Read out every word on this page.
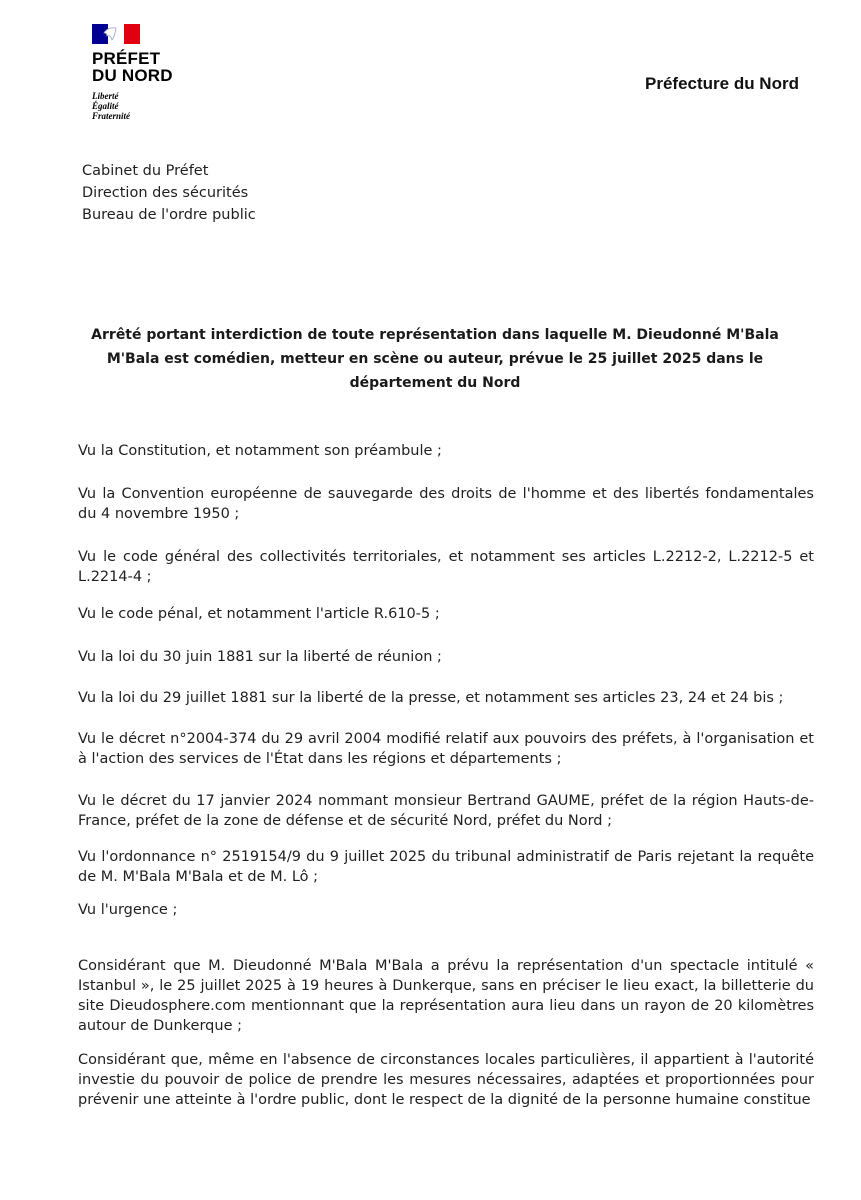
PRÉFET
DU NORD
Liberté
Égalité
Fraternité
Préfecture du Nord
Cabinet du Préfet
Direction des sécurités
Bureau de l'ordre public
Arrêté portant interdiction de toute représentation dans laquelle M. Dieudonné M'Bala M'Bala est comédien, metteur en scène ou auteur, prévue le 25 juillet 2025 dans le département du Nord
Vu la Constitution, et notamment son préambule ;
Vu la Convention européenne de sauvegarde des droits de l'homme et des libertés fondamentales du 4 novembre 1950 ;
Vu le code général des collectivités territoriales, et notamment ses articles L.2212-2, L.2212-5 et L.2214-4 ;
Vu le code pénal, et notamment l'article R.610-5 ;
Vu la loi du 30 juin 1881 sur la liberté de réunion ;
Vu la loi du 29 juillet 1881 sur la liberté de la presse, et notamment ses articles 23, 24 et 24 bis ;
Vu le décret n°2004-374 du 29 avril 2004 modifié relatif aux pouvoirs des préfets, à l'organisation et à l'action des services de l'État dans les régions et départements ;
Vu le décret du 17 janvier 2024 nommant monsieur Bertrand GAUME, préfet de la région Hauts-de-France, préfet de la zone de défense et de sécurité Nord, préfet du Nord ;
Vu l'ordonnance n° 2519154/9 du 9 juillet 2025 du tribunal administratif de Paris rejetant la requête de M. M'Bala M'Bala et de M. Lô ;
Vu l'urgence ;
Considérant que M. Dieudonné M'Bala M'Bala a prévu la représentation d'un spectacle intitulé « Istanbul », le 25 juillet 2025 à 19 heures à Dunkerque, sans en préciser le lieu exact, la billetterie du site Dieudosphere.com mentionnant que la représentation aura lieu dans un rayon de 20 kilomètres autour de Dunkerque ;
Considérant que, même en l'absence de circonstances locales particulières, il appartient à l'autorité investie du pouvoir de police de prendre les mesures nécessaires, adaptées et proportionnées pour prévenir une atteinte à l'ordre public, dont le respect de la dignité de la personne humaine constitue
